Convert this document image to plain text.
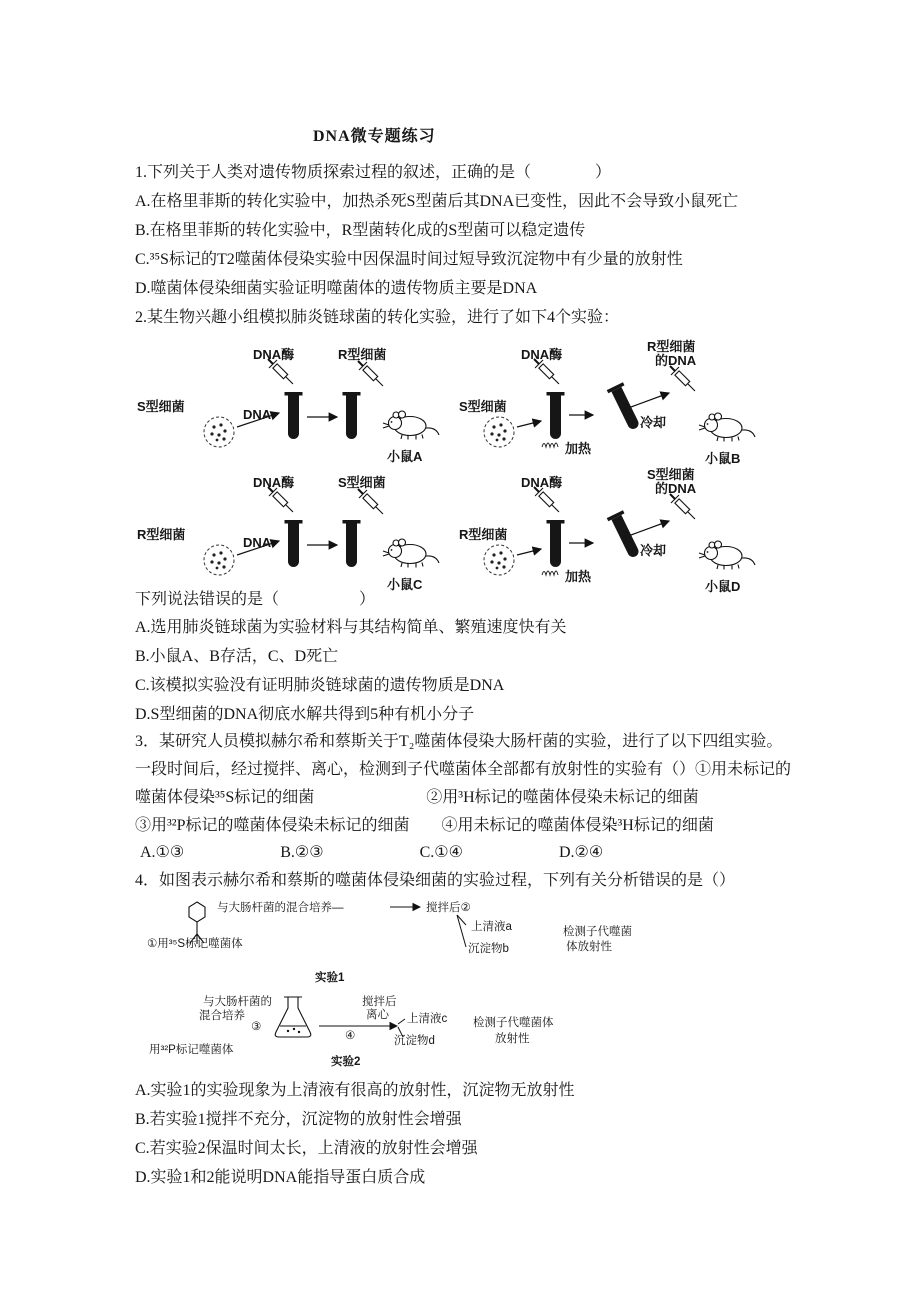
DNA微专题练习
1.下列关于人类对遗传物质探索过程的叙述，正确的是（　　　　）
A.在格里菲斯的转化实验中，加热杀死S型菌后其DNA已变性，因此不会导致小鼠死亡
B.在格里菲斯的转化实验中，R型菌转化成的S型菌可以稳定遗传
C.³⁵S标记的T2噬菌体侵染实验中因保温时间过短导致沉淀物中有少量的放射性
D.噬菌体侵染细菌实验证明噬菌体的遗传物质主要是DNA
2.某生物兴趣小组模拟肺炎链球菌的转化实验，进行了如下4个实验：
DNA酶	R型细菌
S型细菌
DNA
小鼠A
S型细菌
DNA酶
加热
冷却
R型细菌
的DNA
小鼠B
DNA酶	S型细菌
R型细菌
DNA
小鼠C
R型细菌
DNA酶
加热
冷却
S型细菌
的DNA
小鼠D
下列说法错误的是（　　　　　）
A.选用肺炎链球菌为实验材料与其结构简单、繁殖速度快有关
B.小鼠A、B存活，C、D死亡
C.该模拟实验没有证明肺炎链球菌的遗传物质是DNA
D.S型细菌的DNA彻底水解共得到5种有机小分子
3．某研究人员模拟赫尔希和蔡斯关于T₂噬菌体侵染大肠杆菌的实验，进行了以下四组实验。
一段时间后，经过搅拌、离心，检测到子代噬菌体全部都有放射性的实验有（）①用未标记的
噬菌体侵染³⁵S标记的细菌　　　　　　　②用³H标记的噬菌体侵染未标记的细菌
③用³²P标记的噬菌体侵染未标记的细菌　　④用未标记的噬菌体侵染³H标记的细菌
A.①③　　　　　　B.②③　　　　　　C.①④　　　　　　D.②④
4．如图表示赫尔希和蔡斯的噬菌体侵染细菌的实验过程，下列有关分析错误的是（）
与大肠杆菌的混合培养—	搅拌后②
上清液a
沉淀物b
检测子代噬菌
体放射性
①用³⁵S标记噬菌体
实验1
与大肠杆菌的
混合培养
③
搅拌后
离心
④
上清液c
沉淀物d
检测子代噬菌体
放射性
用³²P标记噬菌体
实验2
A.实验1的实验现象为上清液有很高的放射性，沉淀物无放射性
B.若实验1搅拌不充分，沉淀物的放射性会增强
C.若实验2保温时间太长，上清液的放射性会增强
D.实验1和2能说明DNA能指导蛋白质合成
